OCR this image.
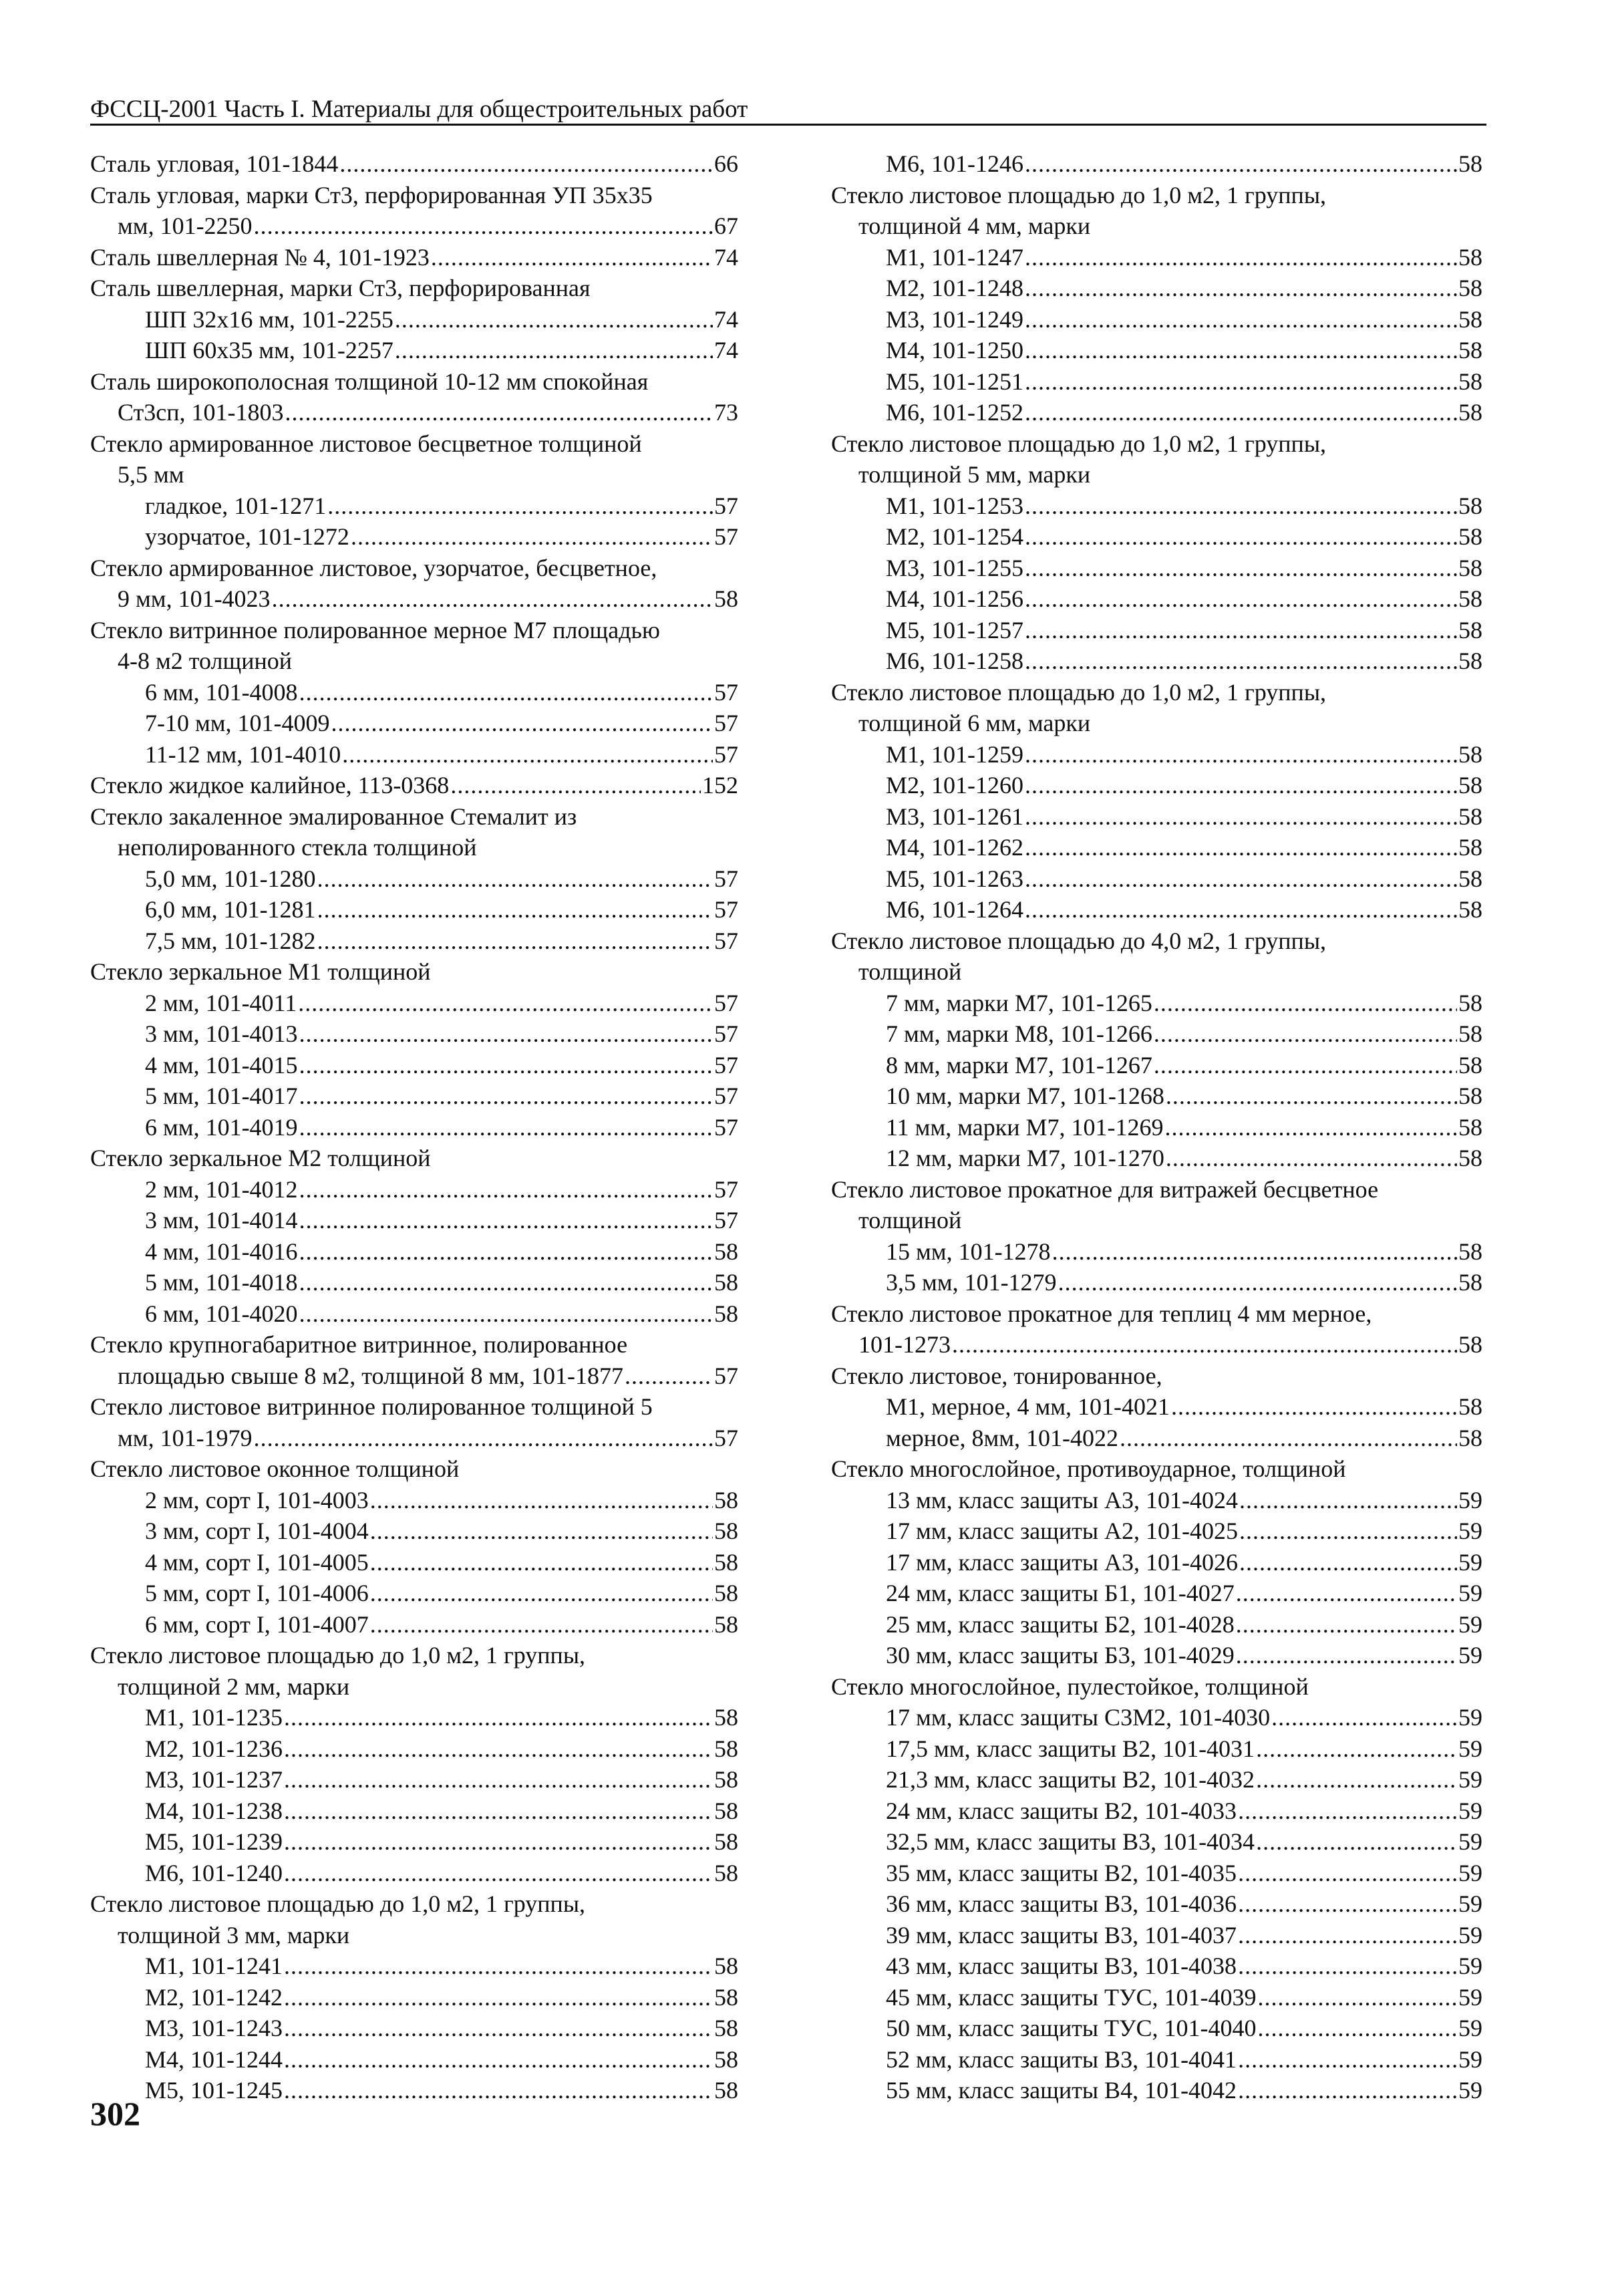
ФССЦ-2001 Часть I. Материалы для общестроительных работ
Сталь угловая, 101-1844 .....	66
Сталь угловая, марки Ст3, перфорированная УП 35х35
мм, 101-2250 .....	67
Сталь швеллерная № 4, 101-1923 .....	74
Сталь швеллерная, марки Ст3, перфорированная
ШП 32х16 мм, 101-2255 .....	74
ШП 60х35 мм, 101-2257 .....	74
Сталь широкополосная толщиной 10-12 мм спокойная
Ст3сп, 101-1803 .....	73
Стекло армированное листовое бесцветное толщиной
5,5 мм
гладкое, 101-1271 .....	57
узорчатое, 101-1272 .....	57
Стекло армированное листовое, узорчатое, бесцветное,
9 мм, 101-4023 .....	58
Стекло витринное полированное мерное М7 площадью
4-8 м2 толщиной
6 мм, 101-4008 .....	57
7-10 мм, 101-4009 .....	57
11-12 мм, 101-4010 .....	57
Стекло жидкое калийное, 113-0368 .....	152
Стекло закаленное эмалированное Стемалит из
неполированного стекла толщиной
5,0 мм, 101-1280 .....	57
6,0 мм, 101-1281 .....	57
7,5 мм, 101-1282 .....	57
Стекло зеркальное М1 толщиной
2 мм, 101-4011 .....	57
3 мм, 101-4013 .....	57
4 мм, 101-4015 .....	57
5 мм, 101-4017 .....	57
6 мм, 101-4019 .....	57
Стекло зеркальное М2 толщиной
2 мм, 101-4012 .....	57
3 мм, 101-4014 .....	57
4 мм, 101-4016 .....	58
5 мм, 101-4018 .....	58
6 мм, 101-4020 .....	58
Стекло крупногабаритное витринное, полированное
площадью свыше 8 м2, толщиной 8 мм, 101-1877 .....	57
Стекло листовое витринное полированное толщиной 5
мм, 101-1979 .....	57
Стекло листовое оконное толщиной
2 мм, сорт I, 101-4003 .....	58
3 мм, сорт I, 101-4004 .....	58
4 мм, сорт I, 101-4005 .....	58
5 мм, сорт I, 101-4006 .....	58
6 мм, сорт I, 101-4007 .....	58
Стекло листовое площадью до 1,0 м2, 1 группы,
толщиной 2 мм, марки
М1, 101-1235 .....	58
М2, 101-1236 .....	58
М3, 101-1237 .....	58
М4, 101-1238 .....	58
М5, 101-1239 .....	58
М6, 101-1240 .....	58
Стекло листовое площадью до 1,0 м2, 1 группы,
толщиной 3 мм, марки
М1, 101-1241 .....	58
М2, 101-1242 .....	58
М3, 101-1243 .....	58
М4, 101-1244 .....	58
М5, 101-1245 .....	58
М6, 101-1246 .....	58
Стекло листовое площадью до 1,0 м2, 1 группы,
толщиной 4 мм, марки
М1, 101-1247 .....	58
М2, 101-1248 .....	58
М3, 101-1249 .....	58
М4, 101-1250 .....	58
М5, 101-1251 .....	58
М6, 101-1252 .....	58
Стекло листовое площадью до 1,0 м2, 1 группы,
толщиной 5 мм, марки
М1, 101-1253 .....	58
М2, 101-1254 .....	58
М3, 101-1255 .....	58
М4, 101-1256 .....	58
М5, 101-1257 .....	58
М6, 101-1258 .....	58
Стекло листовое площадью до 1,0 м2, 1 группы,
толщиной 6 мм, марки
М1, 101-1259 .....	58
М2, 101-1260 .....	58
М3, 101-1261 .....	58
М4, 101-1262 .....	58
М5, 101-1263 .....	58
М6, 101-1264 .....	58
Стекло листовое площадью до 4,0 м2, 1 группы,
толщиной
7 мм, марки М7, 101-1265 .....	58
7 мм, марки М8, 101-1266 .....	58
8 мм, марки М7, 101-1267 .....	58
10 мм, марки М7, 101-1268 .....	58
11 мм, марки М7, 101-1269 .....	58
12 мм, марки М7, 101-1270 .....	58
Стекло листовое прокатное для витражей бесцветное
толщиной
15 мм, 101-1278 .....	58
3,5 мм, 101-1279 .....	58
Стекло листовое прокатное для теплиц 4 мм мерное,
101-1273 .....	58
Стекло листовое, тонированное,
М1, мерное, 4 мм, 101-4021 .....	58
мерное, 8мм, 101-4022 .....	58
Стекло многослойное, противоударное, толщиной
13 мм, класс защиты А3, 101-4024 .....	59
17 мм, класс защиты А2, 101-4025 .....	59
17 мм, класс защиты А3, 101-4026 .....	59
24 мм, класс защиты Б1, 101-4027 .....	59
25 мм, класс защиты Б2, 101-4028 .....	59
30 мм, класс защиты Б3, 101-4029 .....	59
Стекло многослойное, пулестойкое, толщиной
17 мм, класс защиты С3М2, 101-4030 .....	59
17,5 мм, класс защиты В2, 101-4031 .....	59
21,3 мм, класс защиты В2, 101-4032 .....	59
24 мм, класс защиты В2, 101-4033 .....	59
32,5 мм, класс защиты В3, 101-4034 .....	59
35 мм, класс защиты В2, 101-4035 .....	59
36 мм, класс защиты В3, 101-4036 .....	59
39 мм, класс защиты В3, 101-4037 .....	59
43 мм, класс защиты В3, 101-4038 .....	59
45 мм, класс защиты ТУС, 101-4039 .....	59
50 мм, класс защиты ТУС, 101-4040 .....	59
52 мм, класс защиты В3, 101-4041 .....	59
55 мм, класс защиты В4, 101-4042 .....	59
302
